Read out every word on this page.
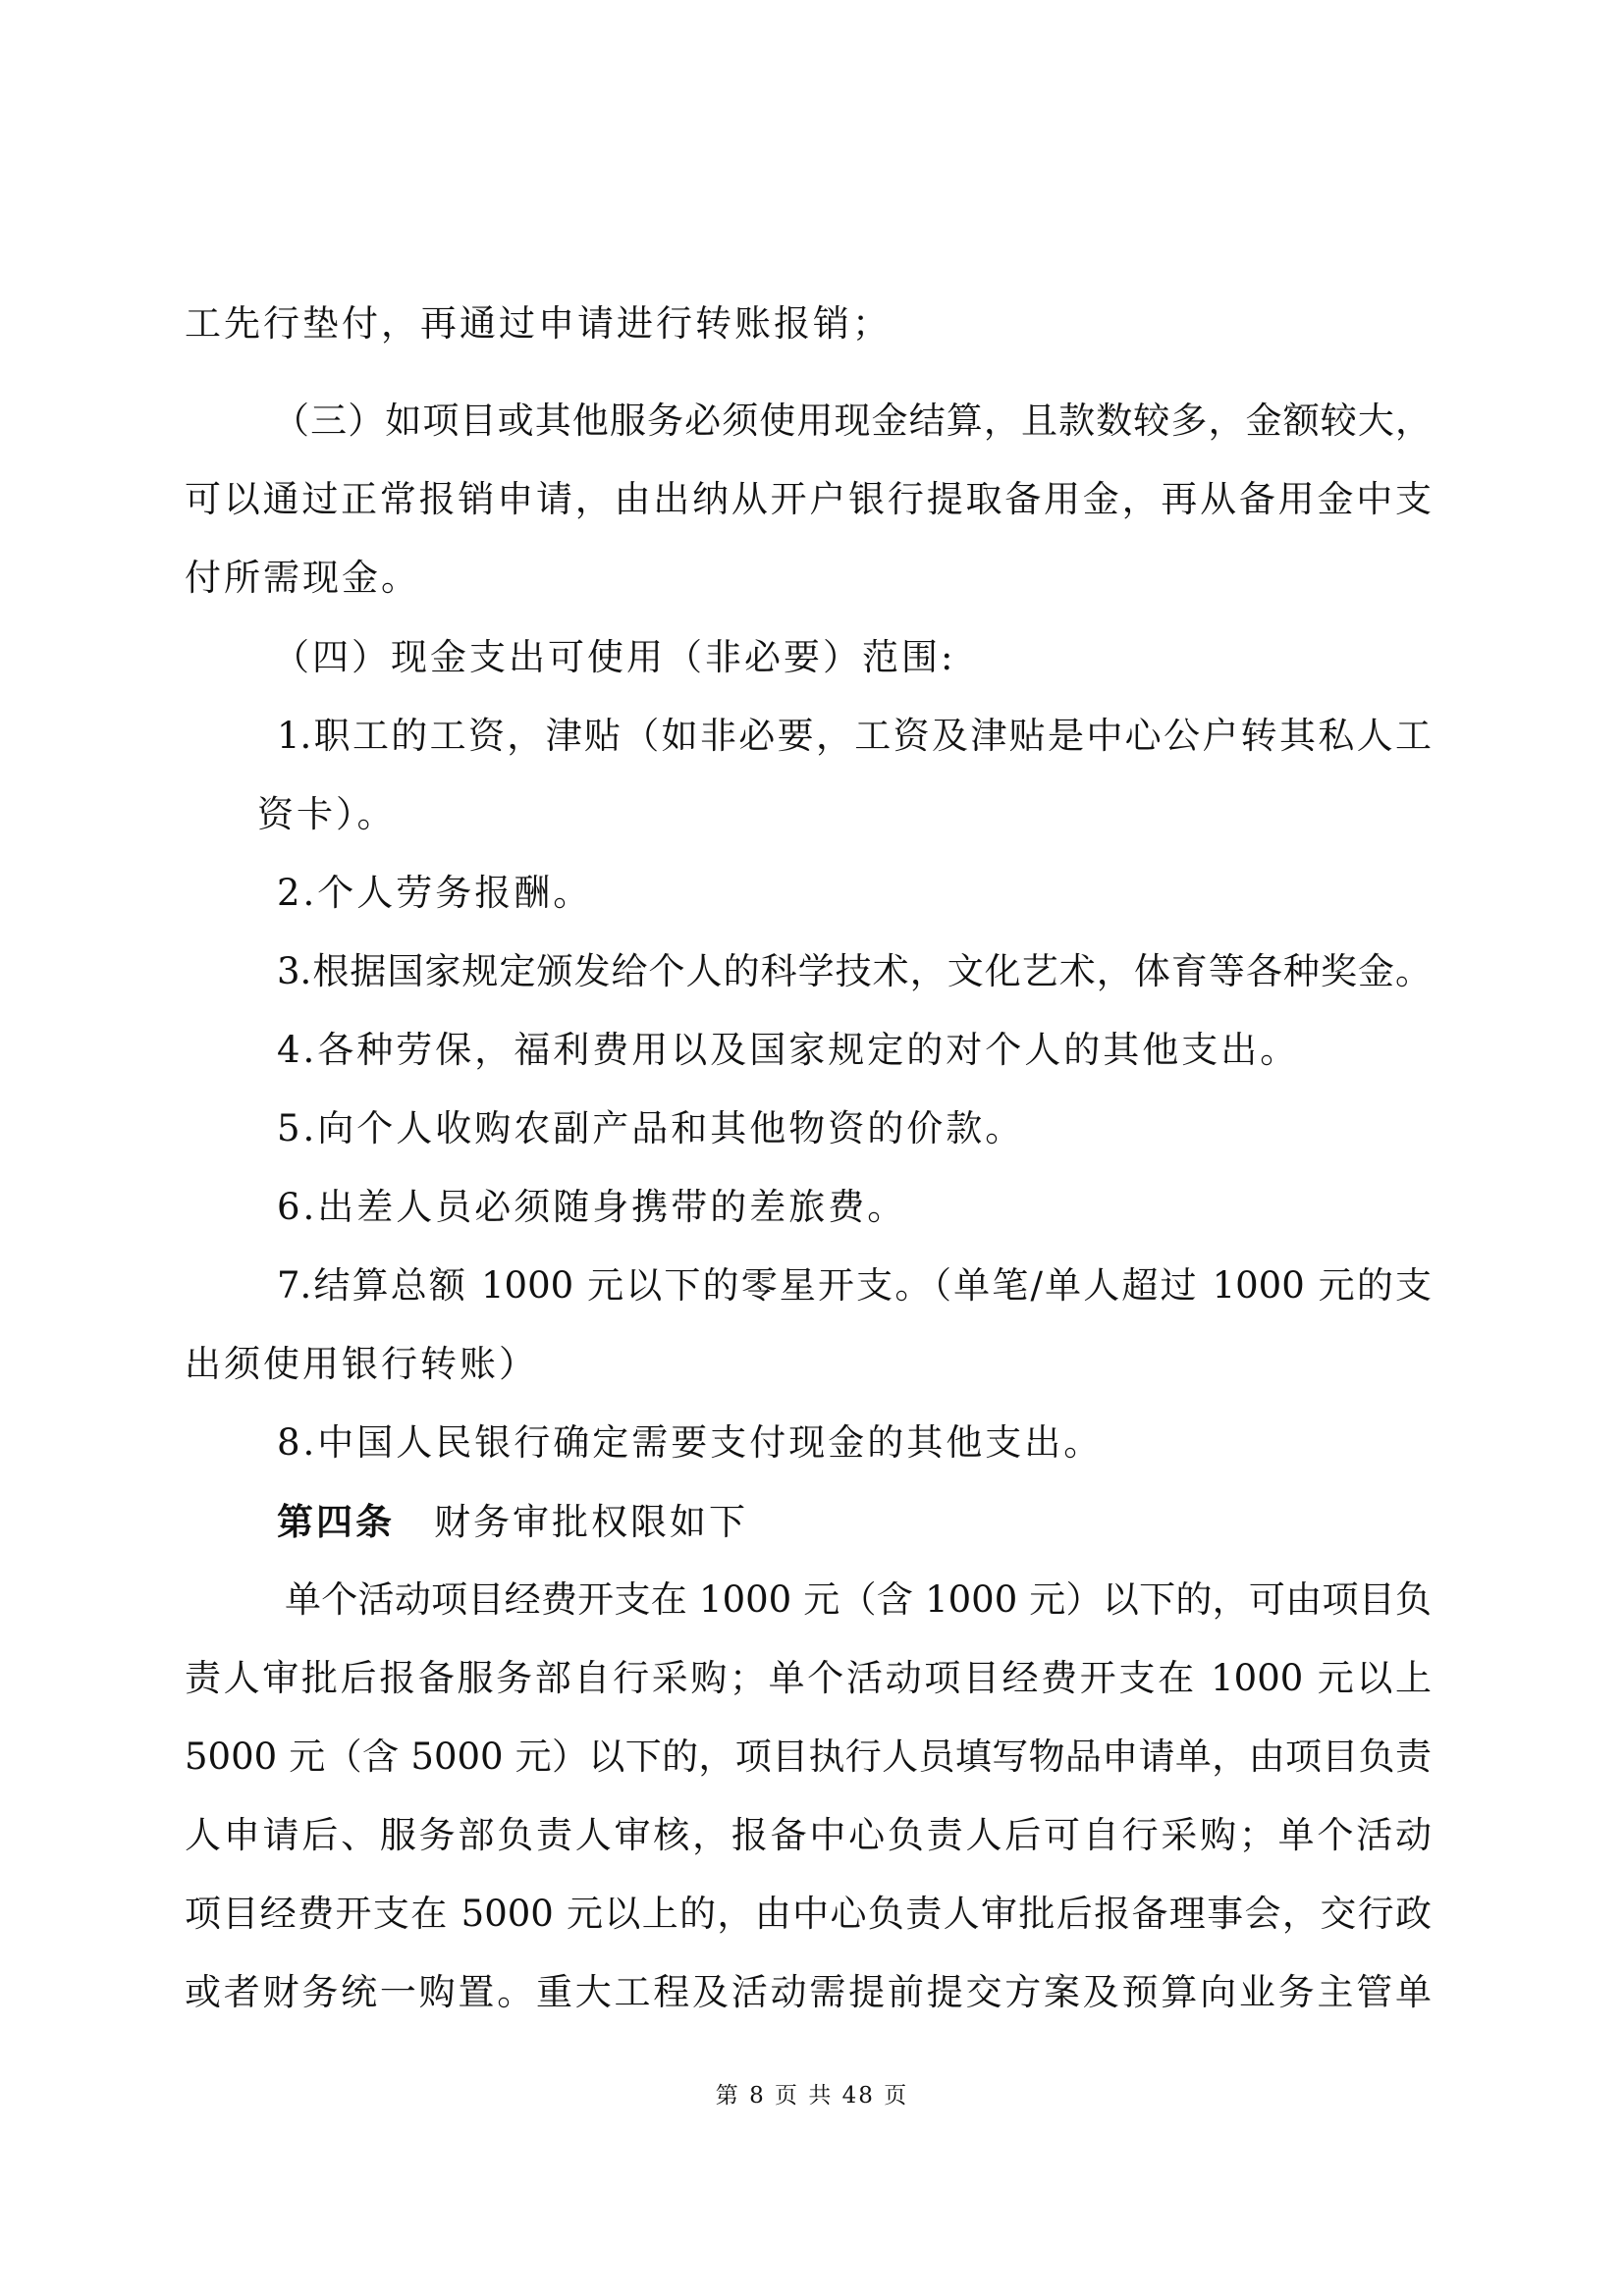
工先行垫付，再通过申请进行转账报销；
（三）如项目或其他服务必须使用现金结算，且款数较多，金额较大，
可以通过正常报销申请，由出纳从开户银行提取备用金，再从备用金中支
付所需现金。
（四）现金支出可使用（非必要）范围:
1.职工的工资，津贴（如非必要，工资及津贴是中心公户转其私人工
资卡）。
2.个人劳务报酬。
3.根据国家规定颁发给个人的科学技术，文化艺术，体育等各种奖金。
4.各种劳保，福利费用以及国家规定的对个人的其他支出。
5.向个人收购农副产品和其他物资的价款。
6.出差人员必须随身携带的差旅费。
7.结算总额 1000 元以下的零星开支。（单笔/单人超过 1000 元的支
出须使用银行转账）
8.中国人民银行确定需要支付现金的其他支出。
第四条 财务审批权限如下
单个活动项目经费开支在 1000 元（含 1000 元）以下的，可由项目负
责人审批后报备服务部自行采购；单个活动项目经费开支在 1000 元以上
5000 元（含 5000 元）以下的，项目执行人员填写物品申请单，由项目负责
人申请后、服务部负责人审核，报备中心负责人后可自行采购；单个活动
项目经费开支在 5000 元以上的，由中心负责人审批后报备理事会，交行政
或者财务统一购置。重大工程及活动需提前提交方案及预算向业务主管单
第 8 页 共 48 页
